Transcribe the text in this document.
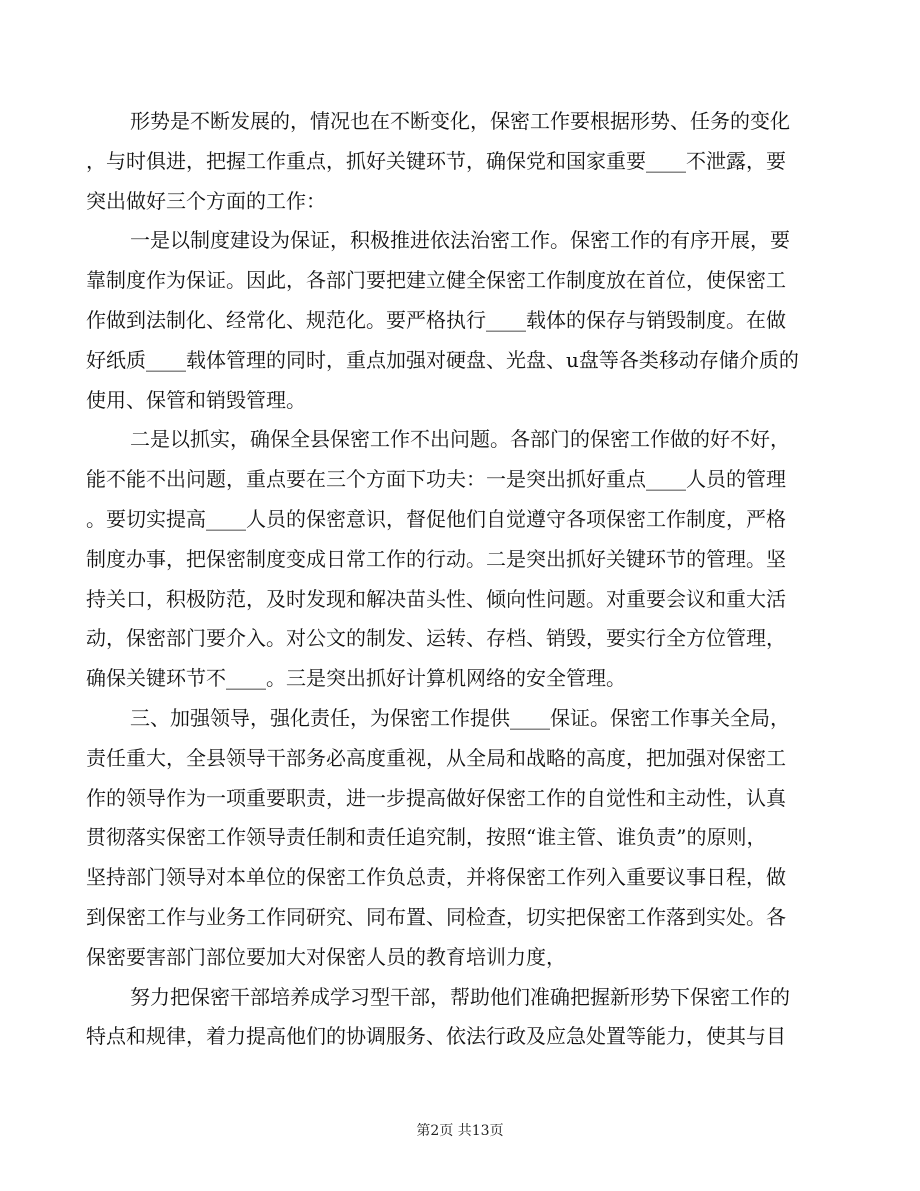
形势是不断发展的，情况也在不断变化，保密工作要根据形势、任务的变化
，与时俱进，把握工作重点，抓好关键环节，确保党和国家重要____不泄露，要
突出做好三个方面的工作：
一是以制度建设为保证，积极推进依法治密工作。保密工作的有序开展，要
靠制度作为保证。因此，各部门要把建立健全保密工作制度放在首位，使保密工
作做到法制化、经常化、规范化。要严格执行____载体的保存与销毁制度。在做
好纸质____载体管理的同时，重点加强对硬盘、光盘、u盘等各类移动存储介质的
使用、保管和销毁管理。
二是以抓实，确保全县保密工作不出问题。各部门的保密工作做的好不好，
能不能不出问题，重点要在三个方面下功夫：一是突出抓好重点____人员的管理
。要切实提高____人员的保密意识，督促他们自觉遵守各项保密工作制度，严格
制度办事，把保密制度变成日常工作的行动。二是突出抓好关键环节的管理。坚
持关口，积极防范，及时发现和解决苗头性、倾向性问题。对重要会议和重大活
动，保密部门要介入。对公文的制发、运转、存档、销毁，要实行全方位管理，
确保关键环节不____。三是突出抓好计算机网络的安全管理。
三、加强领导，强化责任，为保密工作提供____保证。保密工作事关全局，
责任重大，全县领导干部务必高度重视，从全局和战略的高度，把加强对保密工
作的领导作为一项重要职责，进一步提高做好保密工作的自觉性和主动性，认真
贯彻落实保密工作领导责任制和责任追究制，按照“谁主管、谁负责”的原则，
坚持部门领导对本单位的保密工作负总责，并将保密工作列入重要议事日程，做
到保密工作与业务工作同研究、同布置、同检查，切实把保密工作落到实处。各
保密要害部门部位要加大对保密人员的教育培训力度，
努力把保密干部培养成学习型干部，帮助他们准确把握新形势下保密工作的
特点和规律，着力提高他们的协调服务、依法行政及应急处置等能力，使其与目
第2页 共13页
